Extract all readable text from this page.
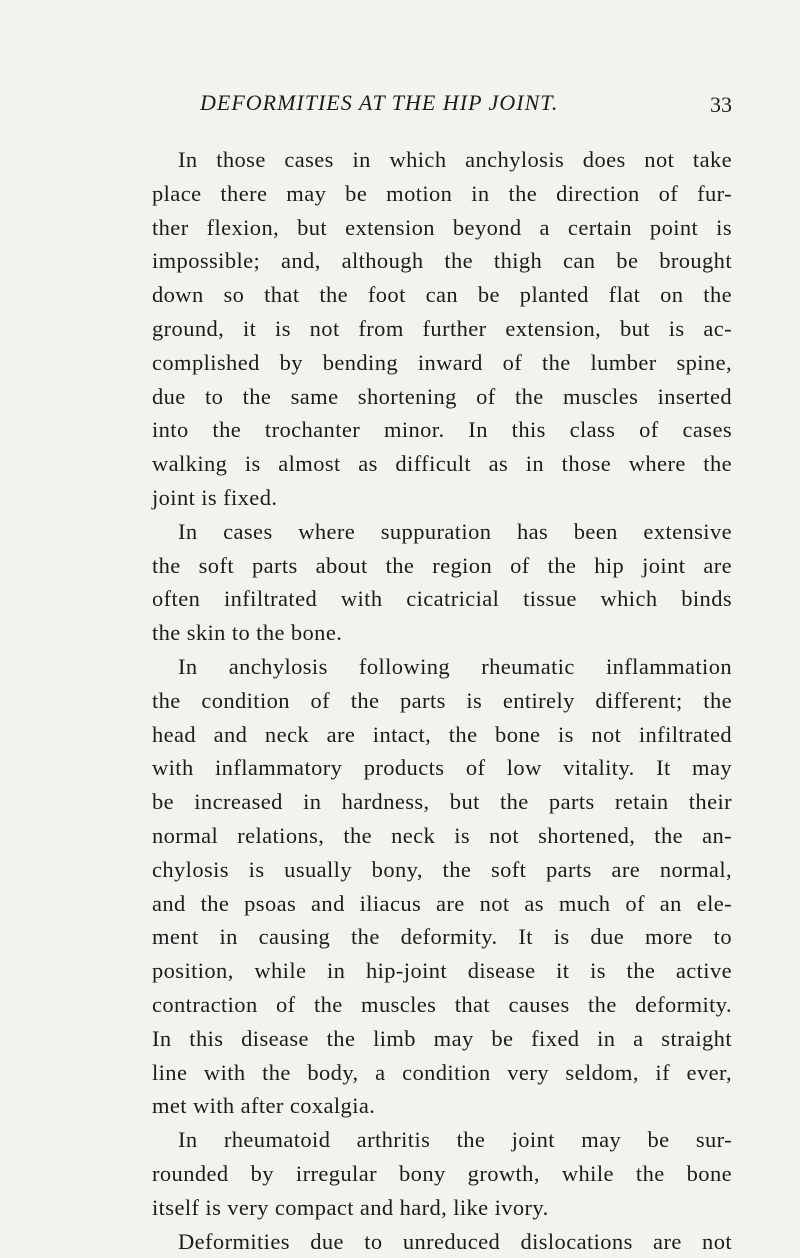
DEFORMITIES AT THE HIP JOINT.	33
In those cases in which anchylosis does not take
place there may be motion in the direction of fur-
ther flexion, but extension beyond a certain point is
impossible; and, although the thigh can be brought
down so that the foot can be planted flat on the
ground, it is not from further extension, but is ac-
complished by bending inward of the lumber spine,
due to the same shortening of the muscles inserted
into the trochanter minor. In this class of cases
walking is almost as difficult as in those where the
joint is fixed.
In cases where suppuration has been extensive
the soft parts about the region of the hip joint are
often infiltrated with cicatricial tissue which binds
the skin to the bone.
In anchylosis following rheumatic inflammation
the condition of the parts is entirely different; the
head and neck are intact, the bone is not infiltrated
with inflammatory products of low vitality. It may
be increased in hardness, but the parts retain their
normal relations, the neck is not shortened, the an-
chylosis is usually bony, the soft parts are normal,
and the psoas and iliacus are not as much of an ele-
ment in causing the deformity. It is due more to
position, while in hip-joint disease it is the active
contraction of the muscles that causes the deformity.
In this disease the limb may be fixed in a straight
line with the body, a condition very seldom, if ever,
met with after coxalgia.
In rheumatoid arthritis the joint may be sur-
rounded by irregular bony growth, while the bone
itself is very compact and hard, like ivory.
Deformities due to unreduced dislocations are not
